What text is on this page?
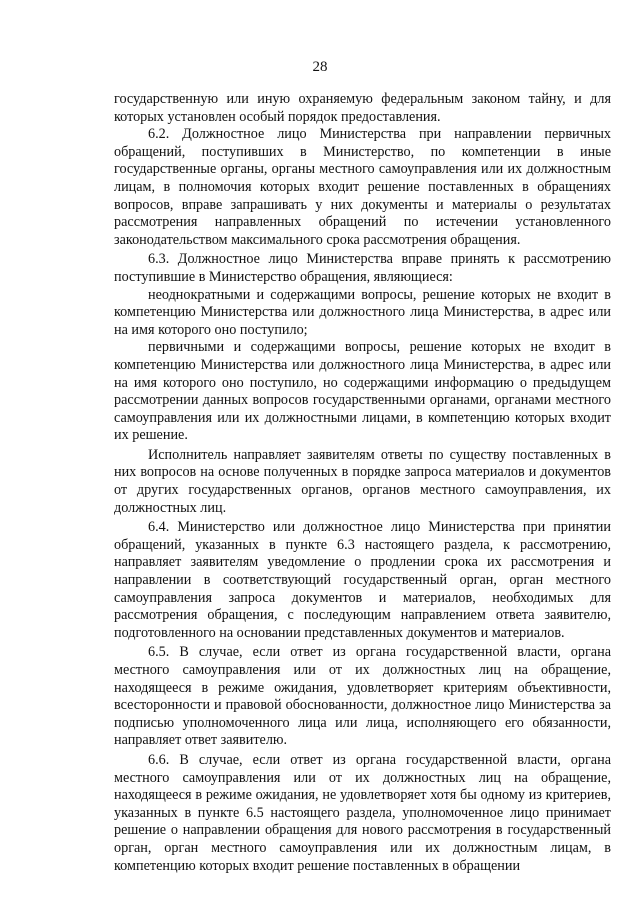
28

государственную или иную охраняемую федеральным законом тайну, и для которых установлен особый порядок предоставления.

6.2. Должностное лицо Министерства при направлении первичных обращений, поступивших в Министерство, по компетенции в иные государственные органы, органы местного самоуправления или их должностным лицам, в полномочия которых входит решение поставленных в обращениях вопросов, вправе запрашивать у них документы и материалы о результатах рассмотрения направленных обращений по истечении установленного законодательством максимального срока рассмотрения обращения.

6.3. Должностное лицо Министерства вправе принять к рассмотрению поступившие в Министерство обращения, являющиеся:

неоднократными и содержащими вопросы, решение которых не входит в компетенцию Министерства или должностного лица Министерства, в адрес или на имя которого оно поступило;

первичными и содержащими вопросы, решение которых не входит в компетенцию Министерства или должностного лица Министерства, в адрес или на имя которого оно поступило, но содержащими информацию о предыдущем рассмотрении данных вопросов государственными органами, органами местного самоуправления или их должностными лицами, в компетенцию которых входит их решение.

Исполнитель направляет заявителям ответы по существу поставленных в них вопросов на основе полученных в порядке запроса материалов и документов от других государственных органов, органов местного самоуправления, их должностных лиц.

6.4. Министерство или должностное лицо Министерства при принятии обращений, указанных в пункте 6.3 настоящего раздела, к рассмотрению, направляет заявителям уведомление о продлении срока их рассмотрения и направлении в соответствующий государственный орган, орган местного самоуправления запроса документов и материалов, необходимых для рассмотрения обращения, с последующим направлением ответа заявителю, подготовленного на основании представленных документов и материалов.

6.5. В случае, если ответ из органа государственной власти, органа местного самоуправления или от их должностных лиц на обращение, находящееся в режиме ожидания, удовлетворяет критериям объективности, всесторонности и правовой обоснованности, должностное лицо Министерства за подписью уполномоченного лица или лица, исполняющего его обязанности, направляет ответ заявителю.

6.6. В случае, если ответ из органа государственной власти, органа местного самоуправления или от их должностных лиц на обращение, находящееся в режиме ожидания, не удовлетворяет хотя бы одному из критериев, указанных в пункте 6.5 настоящего раздела, уполномоченное лицо принимает решение о направлении обращения для нового рассмотрения в государственный орган, орган местного самоуправления или их должностным лицам, в компетенцию которых входит решение поставленных в обращении
